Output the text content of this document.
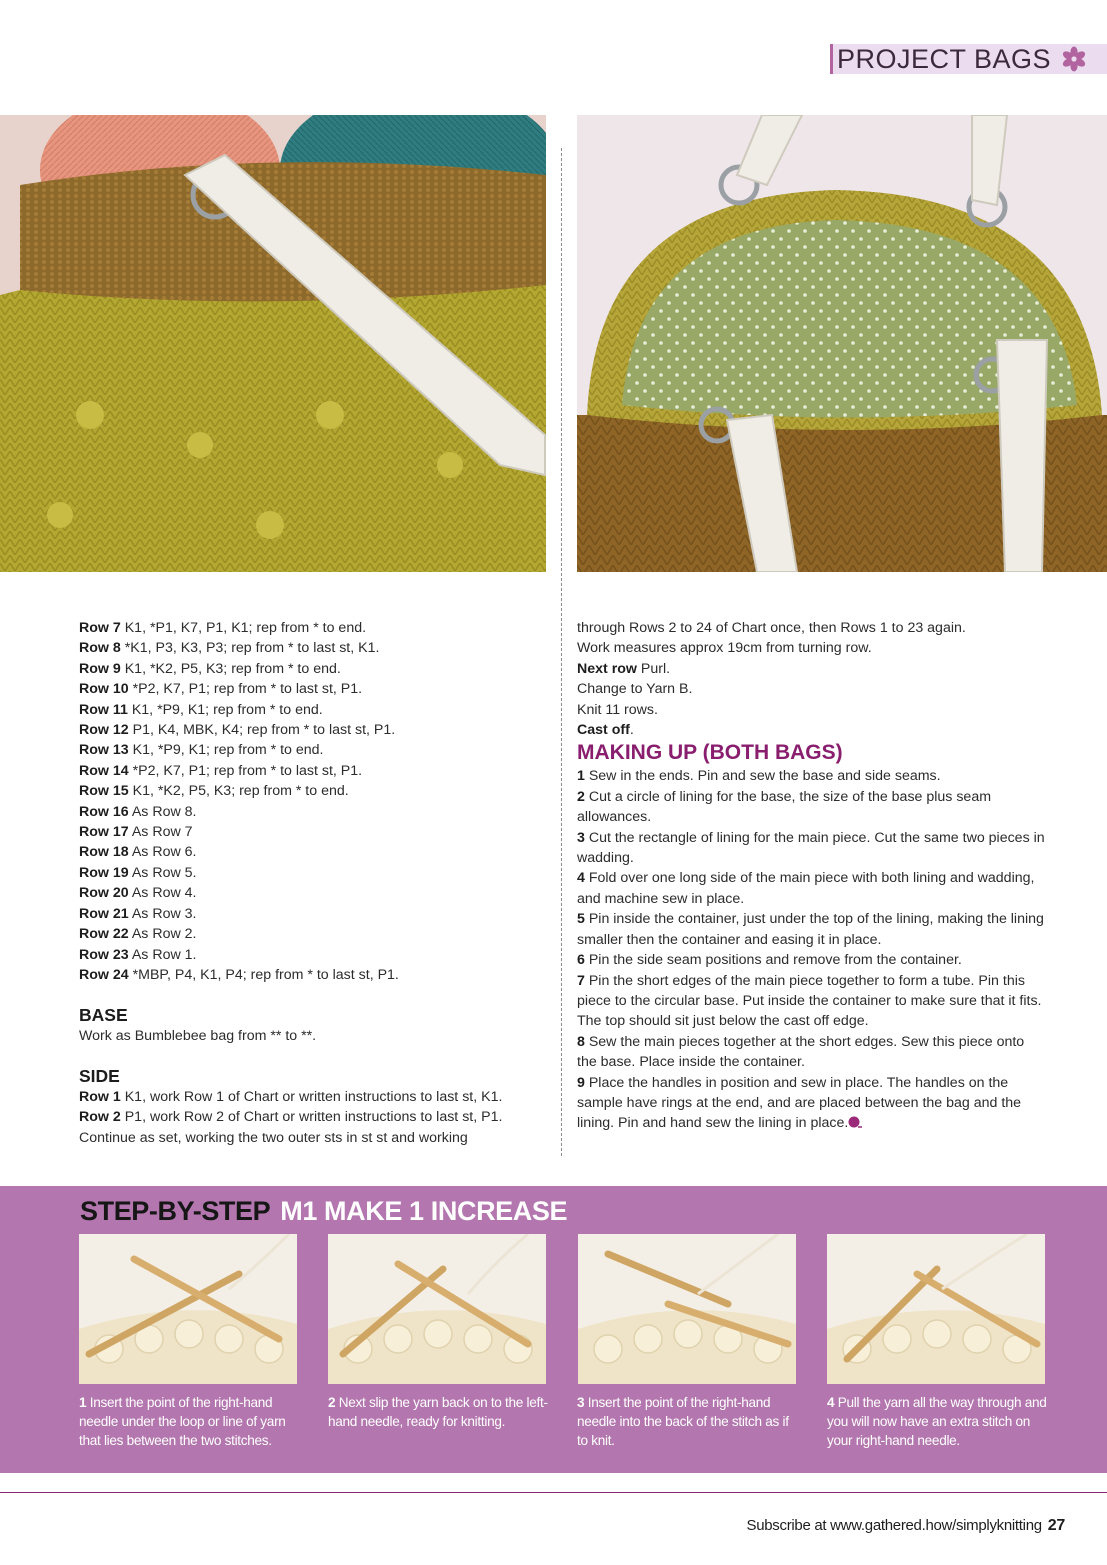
PROJECT BAGS

Row 7 K1, *P1, K7, P1, K1; rep from * to end.

Row 8 *K1, P3, K3, P3; rep from * to last st, K1.

Row 9 K1, *K2, P5, K3; rep from * to end.

Row 10 *P2, K7, P1; rep from * to last st, P1.

Row 11 K1, *P9, K1; rep from * to end.

Row 12 P1, K4, MBK, K4; rep from * to last st, P1.

Row 13 K1, *P9, K1; rep from * to end.

Row 14 *P2, K7, P1; rep from * to last st, P1.

Row 15 K1, *K2, P5, K3; rep from * to end.

Row 16 As Row 8.

Row 17 As Row 7

Row 18 As Row 6.

Row 19 As Row 5.

Row 20 As Row 4.

Row 21 As Row 3.

Row 22 As Row 2.

Row 23 As Row 1.

Row 24 *MBP, P4, K1, P4; rep from * to last st, P1.

BASE

Work as Bumblebee bag from ** to **.

SIDE

Row 1 K1, work Row 1 of Chart or written instructions to last st, K1.

Row 2 P1, work Row 2 of Chart or written instructions to last st, P1.

Continue as set, working the two outer sts in st st and working

through Rows 2 to 24 of Chart once, then Rows 1 to 23 again.

Work measures approx 19cm from turning row.

Next row Purl.

Change to Yarn B.

Knit 11 rows.

Cast off.

MAKING UP (BOTH BAGS)

1 Sew in the ends. Pin and sew the base and side seams.

2 Cut a circle of lining for the base, the size of the base plus seam allowances.

3 Cut the rectangle of lining for the main piece. Cut the same two pieces in wadding.

4 Fold over one long side of the main piece with both lining and wadding, and machine sew in place.

5 Pin inside the container, just under the top of the lining, making the lining smaller then the container and easing it in place.

6 Pin the side seam positions and remove from the container.

7 Pin the short edges of the main piece together to form a tube. Pin this piece to the circular base. Put inside the container to make sure that it fits. The top should sit just below the cast off edge.

8 Sew the main pieces together at the short edges. Sew this piece onto the base. Place inside the container.

9 Place the handles in position and sew in place. The handles on the sample have rings at the end, and are placed between the bag and the lining. Pin and hand sew the lining in place.

STEP-BY-STEP M1 MAKE 1 INCREASE
1 Insert the point of the right-hand needle under the loop or line of yarn that lies between the two stitches.
2 Next slip the yarn back on to the left-hand needle, ready for knitting.
3 Insert the point of the right-hand needle into the back of the stitch as if to knit.
4 Pull the yarn all the way through and you will now have an extra stitch on your right-hand needle.
Subscribe at www.gathered.how/simplyknitting 27
